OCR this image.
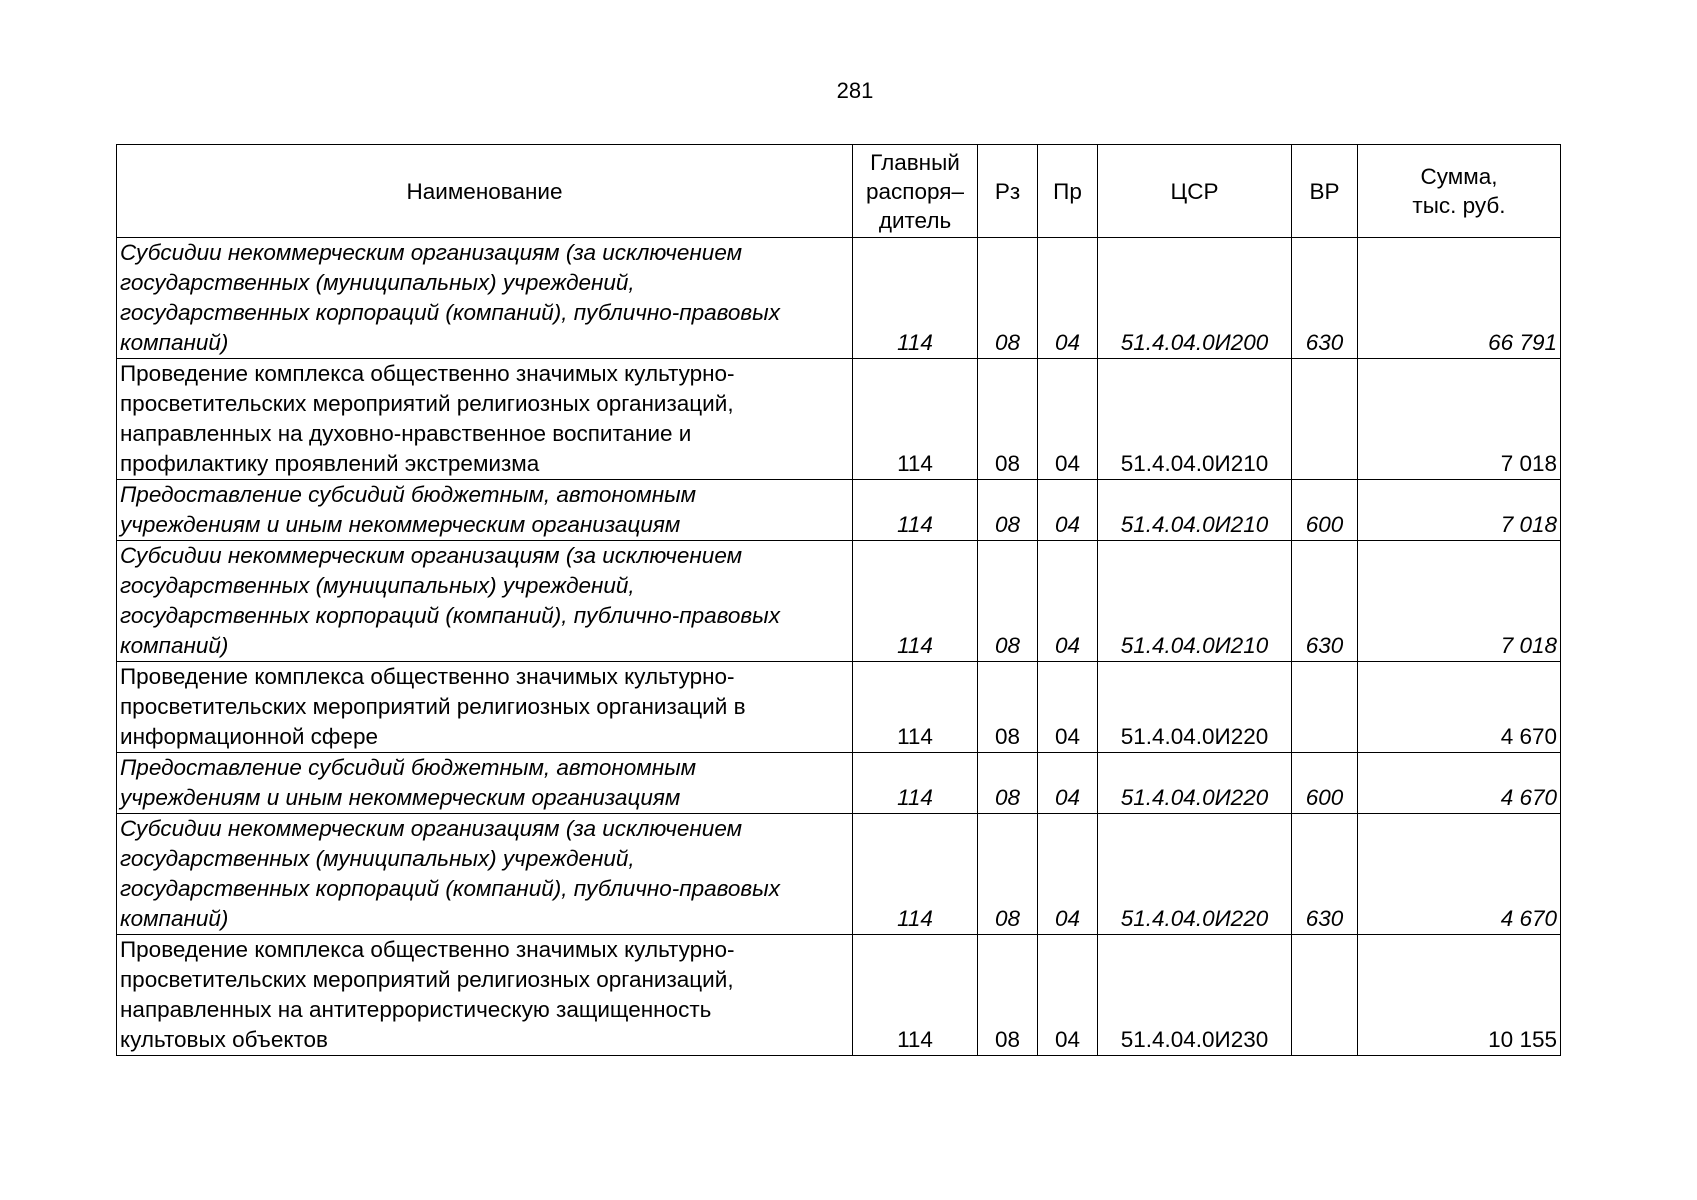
281
Наименование	Главный
распоря–
дитель	Рз	Пр	ЦСР	ВР	Сумма,
тыс. руб.
Субсидии некоммерческим организациям (за исключением
государственных (муниципальных) учреждений,
государственных корпораций (компаний), публично-правовых
компаний)	114	08	04	51.4.04.0И200	630	66 791
Проведение комплекса общественно значимых культурно-
просветительских мероприятий религиозных организаций,
направленных на духовно-нравственное воспитание и
профилактику проявлений экстремизма	114	08	04	51.4.04.0И210		7 018
Предоставление субсидий бюджетным, автономным
учреждениям и иным некоммерческим организациям	114	08	04	51.4.04.0И210	600	7 018
Субсидии некоммерческим организациям (за исключением
государственных (муниципальных) учреждений,
государственных корпораций (компаний), публично-правовых
компаний)	114	08	04	51.4.04.0И210	630	7 018
Проведение комплекса общественно значимых культурно-
просветительских мероприятий религиозных организаций в
информационной сфере	114	08	04	51.4.04.0И220		4 670
Предоставление субсидий бюджетным, автономным
учреждениям и иным некоммерческим организациям	114	08	04	51.4.04.0И220	600	4 670
Субсидии некоммерческим организациям (за исключением
государственных (муниципальных) учреждений,
государственных корпораций (компаний), публично-правовых
компаний)	114	08	04	51.4.04.0И220	630	4 670
Проведение комплекса общественно значимых культурно-
просветительских мероприятий религиозных организаций,
направленных на антитеррористическую защищенность
культовых объектов	114	08	04	51.4.04.0И230		10 155
